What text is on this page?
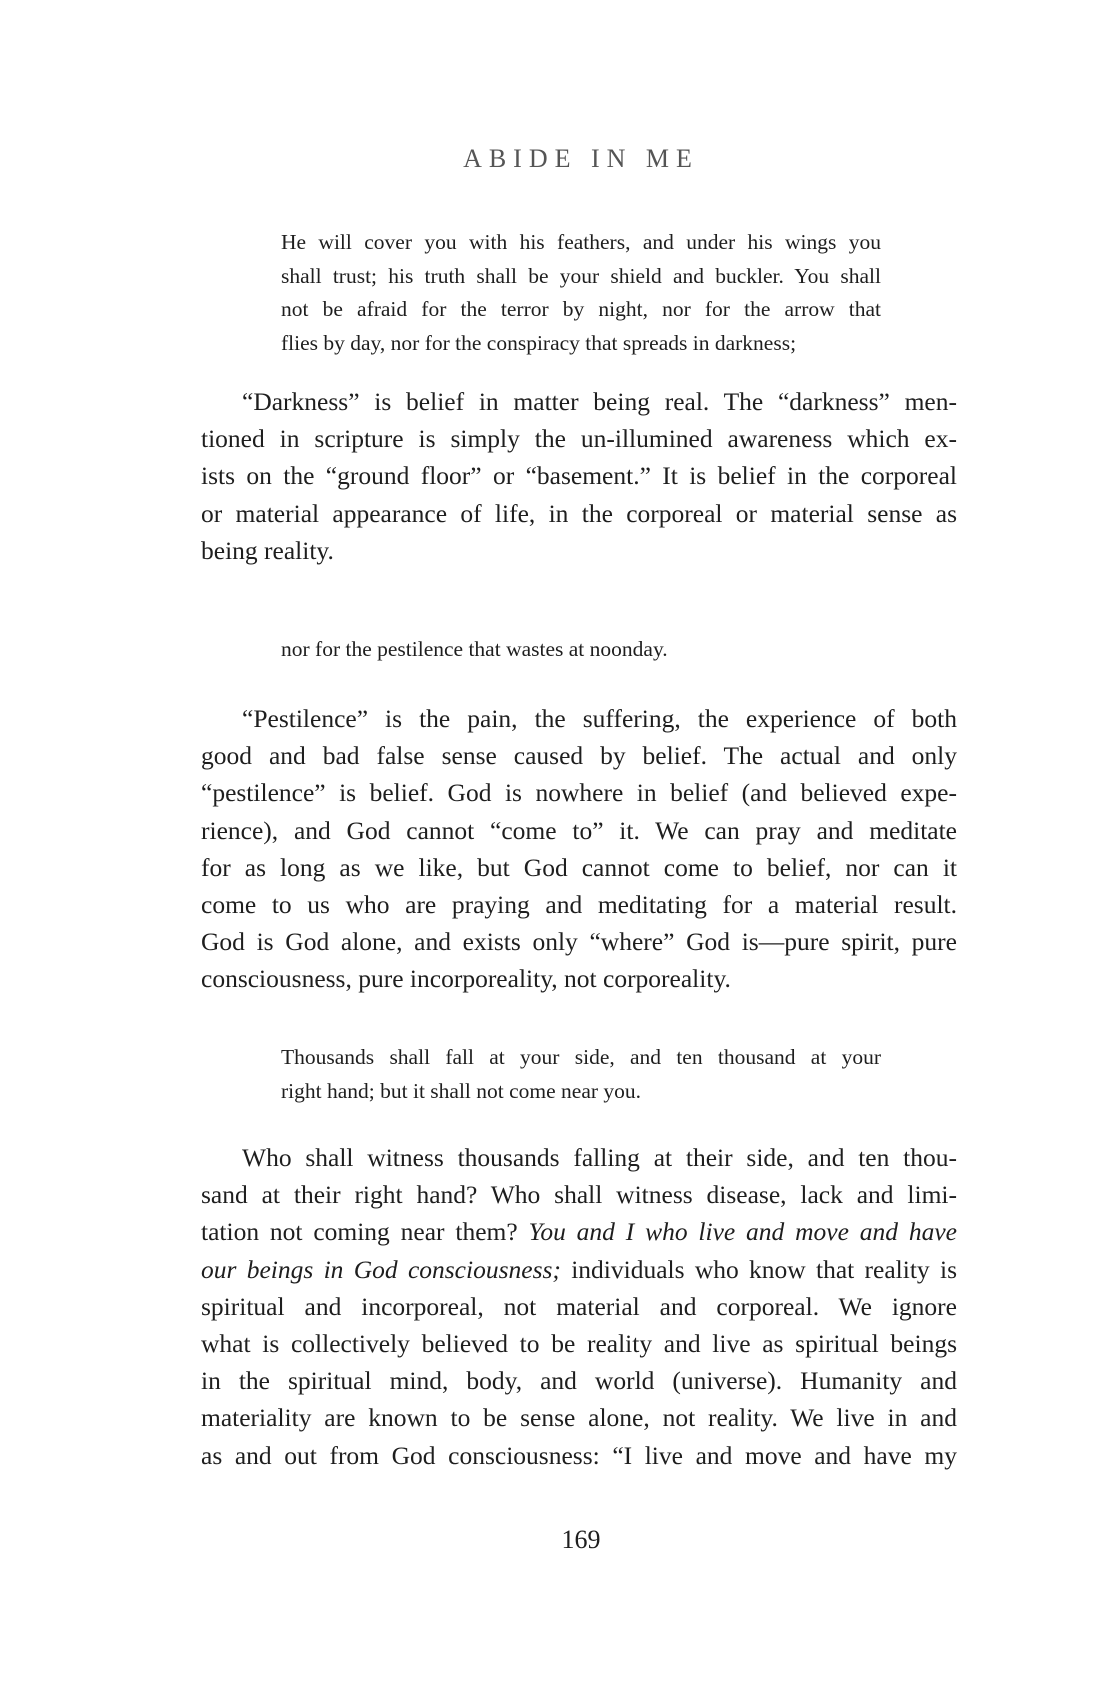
ABIDE IN ME
He will cover you with his feathers, and under his wings you
shall trust; his truth shall be your shield and buckler. You shall
not be afraid for the terror by night, nor for the arrow that
flies by day, nor for the conspiracy that spreads in darkness;
“Darkness” is belief in matter being real. The “darkness” men-
tioned in scripture is simply the un-illumined awareness which ex-
ists on the “ground floor” or “basement.” It is belief in the corporeal
or material appearance of life, in the corporeal or material sense as
being reality.
nor for the pestilence that wastes at noonday.
“Pestilence” is the pain, the suffering, the experience of both
good and bad false sense caused by belief. The actual and only
“pestilence” is belief. God is nowhere in belief (and believed expe-
rience), and God cannot “come to” it. We can pray and meditate
for as long as we like, but God cannot come to belief, nor can it
come to us who are praying and meditating for a material result.
God is God alone, and exists only “where” God is—pure spirit, pure
consciousness, pure incorporeality, not corporeality.
Thousands shall fall at your side, and ten thousand at your
right hand; but it shall not come near you.
Who shall witness thousands falling at their side, and ten thou-
sand at their right hand? Who shall witness disease, lack and limi-
tation not coming near them? You and I who live and move and have
our beings in God consciousness; individuals who know that reality is
spiritual and incorporeal, not material and corporeal. We ignore
what is collectively believed to be reality and live as spiritual beings
in the spiritual mind, body, and world (universe). Humanity and
materiality are known to be sense alone, not reality. We live in and
as and out from God consciousness: “I live and move and have my
169
